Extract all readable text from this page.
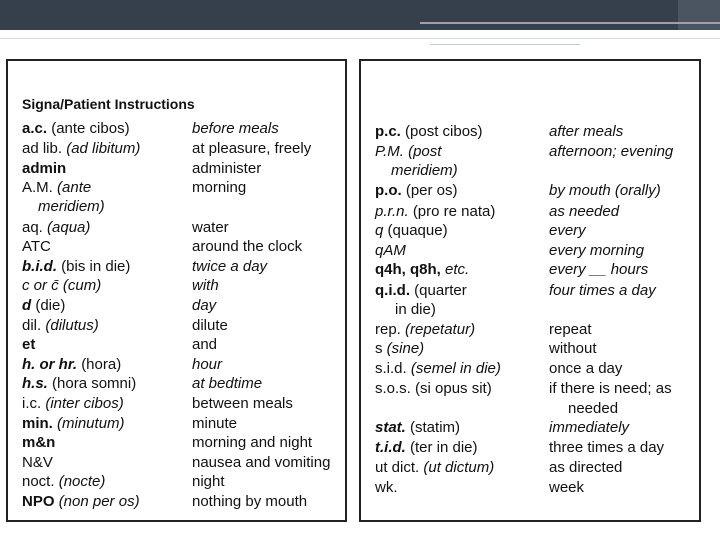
Signa/Patient Instructions
a.c. (ante cibos)	before meals
ad lib. (ad libitum)	at pleasure, freely
admin	administer
A.M. (ante	morning
meridiem)
aq. (aqua)	water
ATC	around the clock
b.i.d. (bis in die)	twice a day
c or c̄ (cum)	with
d (die)	day
dil. (dilutus)	dilute
et	and
h. or hr. (hora)	hour
h.s. (hora somni)	at bedtime
i.c. (inter cibos)	between meals
min. (minutum)	minute
m&n	morning and night
N&V	nausea and vomiting
noct. (nocte)	night
NPO (non per os)	nothing by mouth
p.c. (post cibos)	after meals
P.M. (post	afternoon; evening
meridiem)
p.o. (per os)	by mouth (orally)
p.r.n. (pro re nata)	as needed
q (quaque)	every
qAM	every morning
q4h, q8h, etc.	every __ hours
q.i.d. (quarter	four times a day
in die)
rep. (repetatur)	repeat
s (sine)	without
s.i.d. (semel in die)	once a day
s.o.s. (si opus sit)	if there is need; as
needed
stat. (statim)	immediately
t.i.d. (ter in die)	three times a day
ut dict. (ut dictum)	as directed
wk.	week
